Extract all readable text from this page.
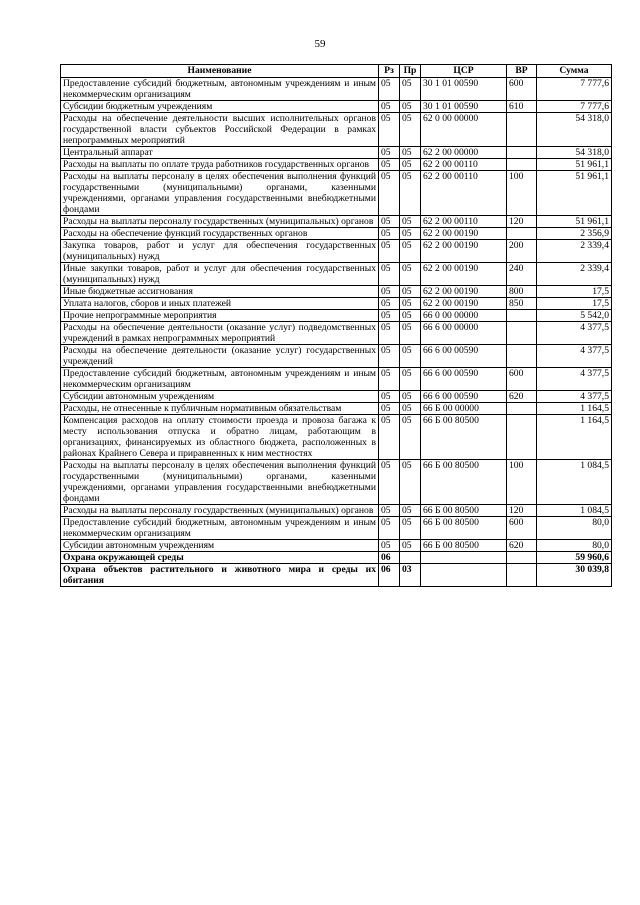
59
Наименование	Рз	Пр	ЦСР	ВР	Сумма
Предоставление субсидий бюджетным, автономным учреждениям и иным некоммерческим организациям	05	05	30 1 01 00590	600	7 777,6
Субсидии бюджетным учреждениям	05	05	30 1 01 00590	610	7 777,6
Расходы на обеспечение деятельности высших исполнительных органов государственной власти субъектов Российской Федерации в рамках непрограммных мероприятий	05	05	62 0 00 00000		54 318,0
Центральный аппарат	05	05	62 2 00 00000		54 318,0
Расходы на выплаты по оплате труда работников государственных органов	05	05	62 2 00 00110		51 961,1
Расходы на выплаты персоналу в целях обеспечения выполнения функций государственными (муниципальными) органами, казенными учреждениями, органами управления государственными внебюджетными фондами	05	05	62 2 00 00110	100	51 961,1
Расходы на выплаты персоналу государственных (муниципальных) органов	05	05	62 2 00 00110	120	51 961,1
Расходы на обеспечение функций государственных органов	05	05	62 2 00 00190		2 356,9
Закупка товаров, работ и услуг для обеспечения государственных (муниципальных) нужд	05	05	62 2 00 00190	200	2 339,4
Иные закупки товаров, работ и услуг для обеспечения государственных (муниципальных) нужд	05	05	62 2 00 00190	240	2 339,4
Иные бюджетные ассигнования	05	05	62 2 00 00190	800	17,5
Уплата налогов, сборов и иных платежей	05	05	62 2 00 00190	850	17,5
Прочие непрограммные мероприятия	05	05	66 0 00 00000		5 542,0
Расходы на обеспечение деятельности (оказание услуг) подведомственных учреждений в рамках непрограммных мероприятий	05	05	66 6 00 00000		4 377,5
Расходы на обеспечение деятельности (оказание услуг) государственных учреждений	05	05	66 6 00 00590		4 377,5
Предоставление субсидий бюджетным, автономным учреждениям и иным некоммерческим организациям	05	05	66 6 00 00590	600	4 377,5
Субсидии автономным учреждениям	05	05	66 6 00 00590	620	4 377,5
Расходы, не отнесенные к публичным нормативным обязательствам	05	05	66 Б 00 00000		1 164,5
Компенсация расходов на оплату стоимости проезда и провоза багажа к месту использования отпуска и обратно лицам, работающим в организациях, финансируемых из областного бюджета, расположенных в районах Крайнего Севера и приравненных к ним местностях	05	05	66 Б 00 80500		1 164,5
Расходы на выплаты персоналу в целях обеспечения выполнения функций государственными (муниципальными) органами, казенными учреждениями, органами управления государственными внебюджетными фондами	05	05	66 Б 00 80500	100	1 084,5
Расходы на выплаты персоналу государственных (муниципальных) органов	05	05	66 Б 00 80500	120	1 084,5
Предоставление субсидий бюджетным, автономным учреждениям и иным некоммерческим организациям	05	05	66 Б 00 80500	600	80,0
Субсидии автономным учреждениям	05	05	66 Б 00 80500	620	80,0
Охрана окружающей среды	06				59 960,6
Охрана объектов растительного и животного мира и среды их обитания	06	03			30 039,8
